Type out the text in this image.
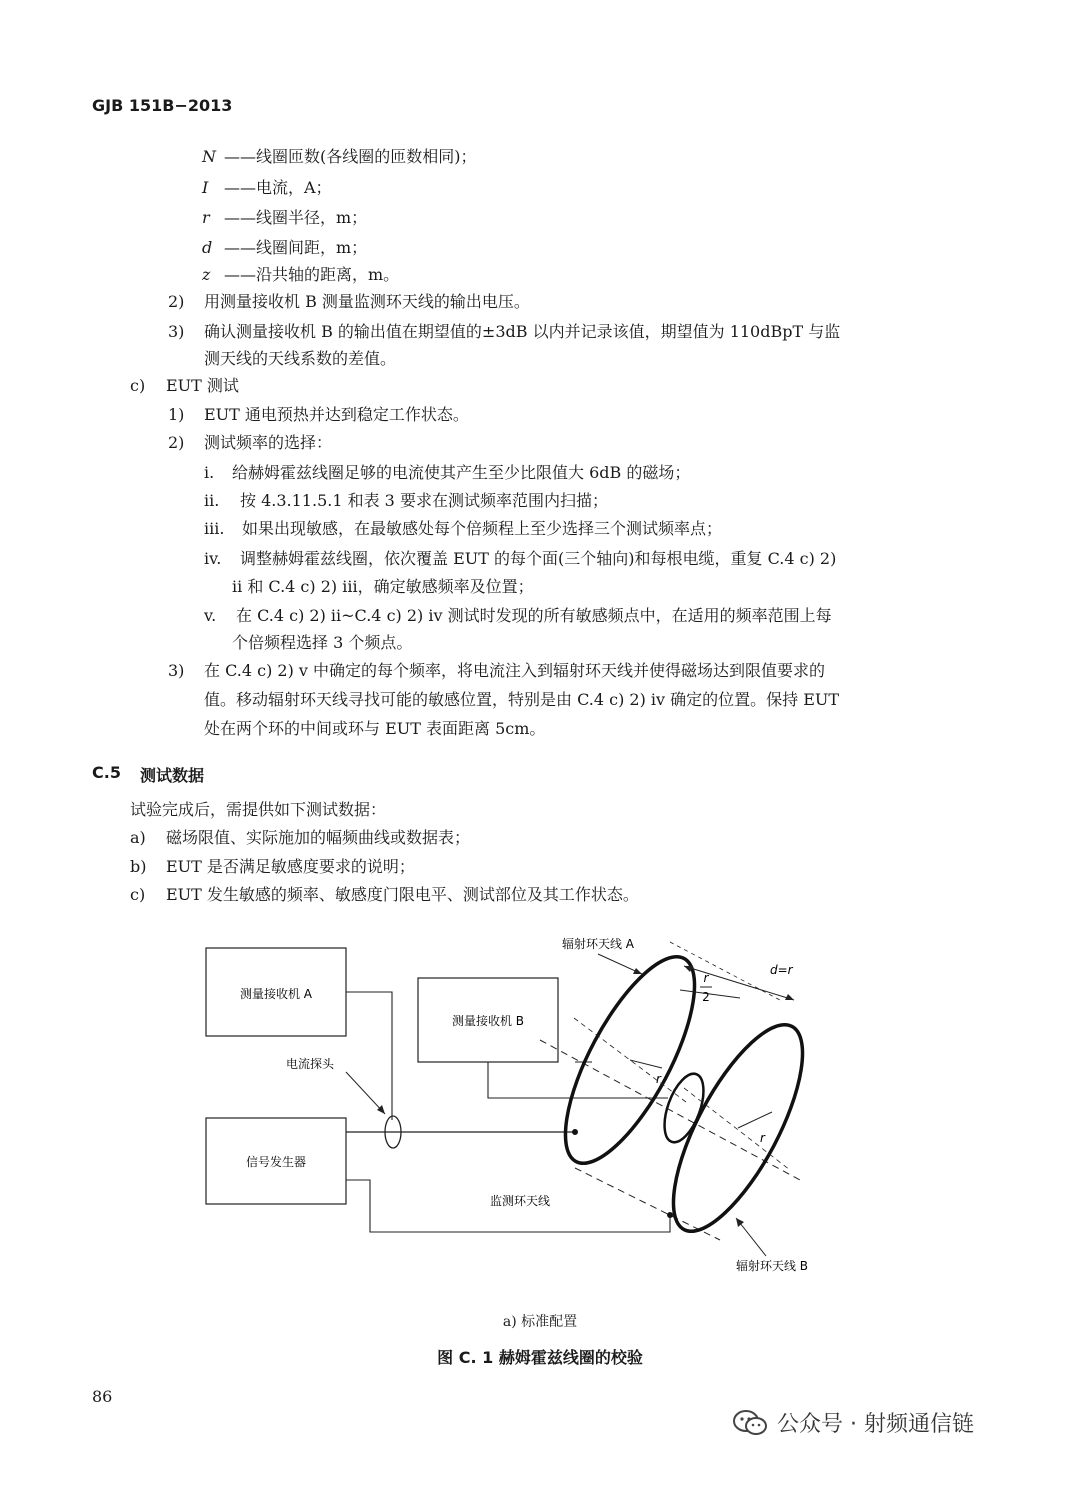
GJB 151B−2013
N ——线圈匝数(各线圈的匝数相同)；
I ——电流，A；
r ——线圈半径，m；
d ——线圈间距，m；
z ——沿共轴的距离，m。
2) 用测量接收机 B 测量监测环天线的输出电压。
3) 确认测量接收机 B 的输出值在期望值的±3dB 以内并记录该值，期望值为 110dBpT 与监
测天线的天线系数的差值。
c) EUT 测试
1) EUT 通电预热并达到稳定工作状态。
2) 测试频率的选择：
i. 给赫姆霍兹线圈足够的电流使其产生至少比限值大 6dB 的磁场；
ii. 按 4.3.11.5.1 和表 3 要求在测试频率范围内扫描；
iii. 如果出现敏感，在最敏感处每个倍频程上至少选择三个测试频率点；
iv. 调整赫姆霍兹线圈，依次覆盖 EUT 的每个面(三个轴向)和每根电缆，重复 C.4 c) 2)
ii 和 C.4 c) 2) iii，确定敏感频率及位置；
v. 在 C.4 c) 2) ii~C.4 c) 2) iv 测试时发现的所有敏感频点中，在适用的频率范围上每
个倍频程选择 3 个频点。
3) 在 C.4 c) 2) v 中确定的每个频率，将电流注入到辐射环天线并使得磁场达到限值要求的
值。移动辐射环天线寻找可能的敏感位置，特别是由 C.4 c) 2) iv 确定的位置。保持 EUT
处在两个环的中间或环与 EUT 表面距离 5cm。
C.5 测试数据
试验完成后，需提供如下测试数据：
a) 磁场限值、实际施加的幅频曲线或数据表；
b) EUT 是否满足敏感度要求的说明；
c) EUT 发生敏感的频率、敏感度门限电平、测试部位及其工作状态。
测量接收机 A
测量接收机 B
信号发生器
电流探头
r
r
d=r
r
2
辐射环天线 A
监测环天线
辐射环天线 B
a) 标准配置
图 C. 1 赫姆霍兹线圈的校验
86
公众号 · 射频通信链
